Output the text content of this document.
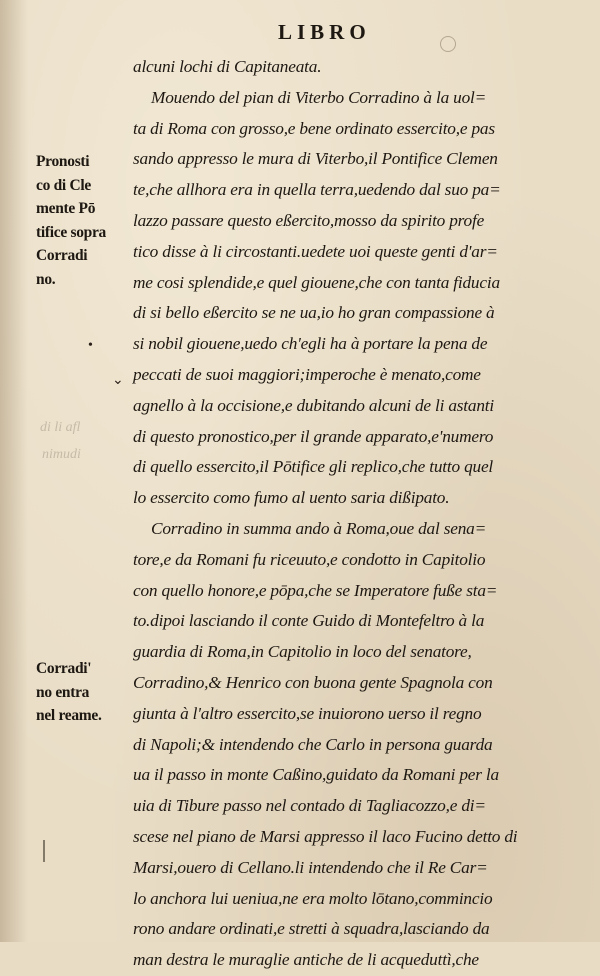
LIBRO
alcuni lochi di Capitaneata.
Mouendo del pian di Viterbo Corradino à la uol=
ta di Roma con grosso,e bene ordinato essercito,e pas
sando appresso le mura di Viterbo,il Pontifice Clemen
te,che allhora era in quella terra,uedendo dal suo pa=
lazzo passare questo eßercito,mosso da spirito profe
tico disse à li circostanti.uedete uoi queste genti d'ar=
me cosi splendide,e quel giouene,che con tanta fiducia
di si bello eßercito se ne ua,io ho gran compassione à
si nobil giouene,uedo ch'egli ha à portare la pena de
peccati de suoi maggiori;imperoche è menato,come
agnello à la occisione,e dubitando alcuni de li astanti
di questo pronostico,per il grande apparato,e'numero
di quello essercito,il Pōtifice gli replico,che tutto quel
lo essercito como fumo al uento saria dißipato.
Corradino in summa ando à Roma,oue dal sena=
tore,e da Romani fu riceuuto,e condotto in Capitolio
con quello honore,e pōpa,che se Imperatore fuße sta=
to.dipoi lasciando il conte Guido di Montefeltro à la
guardia di Roma,in Capitolio in loco del senatore,
Corradino,& Henrico con buona gente Spagnola con
giunta à l'altro essercito,se inuiorono uerso il regno
di Napoli;& intendendo che Carlo in persona guarda
ua il passo in monte Caßino,guidato da Romani per la
uia di Tibure passo nel contado di Tagliacozzo,e di=
scese nel piano de Marsi appresso il laco Fucino detto di
Marsi,ouero di Cellano.li intendendo che il Re Car=
lo anchora lui ueniua,ne era molto lōtano,commincio
rono andare ordinati,e stretti à squadra,lasciando da
man destra le muraglie antiche de li acqueduttì,che
Pronosti
co di Cle
mente Pō
tifice sopra
Corradi
no.
Corradi'
no entra
nel reame.
di li afl
nimudi
•
⌄
